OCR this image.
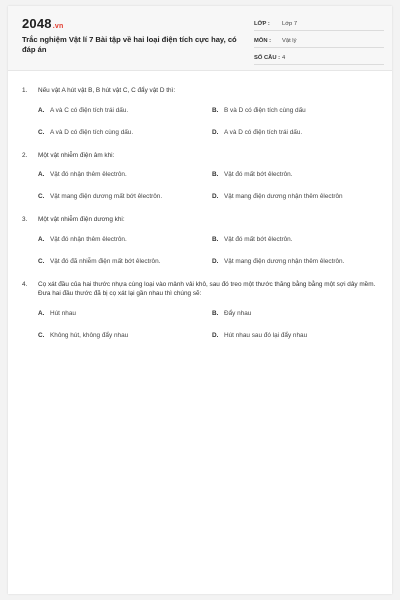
2048.vn
Trắc nghiệm Vật lí 7 Bài tập về hai loại điện tích cực hay, có đáp án
LỚP :	Lớp 7
MÔN :	Vật lý
SỐ CÂU : 4
1.	Nếu vật A hút vật B, B hút vật C, C đẩy vật D thì:
A. A và C có điện tích trái dấu.	B. B và D có điện tích cùng dấu
C. A và D có điện tích cùng dấu.	D. A và D có điện tích trái dấu.
2.	Một vật nhiễm điện âm khi:
A. Vật đó nhận thêm êlectrôn.	B. Vật đó mất bớt êlectrôn.
C. Vật mang điện dương mất bớt êlectrôn.	D. Vật mang điện dương nhận thêm êlectrôn
3.	Một vật nhiễm điện dương khi:
A. Vật đó nhận thêm êlectrôn.	B. Vật đó mất bớt êlectrôn.
C. Vật đó đã nhiễm điện mất bớt êlectrôn.	D. Vật mang điện dương nhận thêm êlectrôn.
4.	Cọ xát đầu của hai thước nhựa cùng loại vào mảnh vải khô, sau đó treo một thước thăng bằng bằng một sợi dây mềm. Đưa hai đầu thước đã bị cọ xát lại gần nhau thì chúng sẽ:
A. Hút nhau	B. Đẩy nhau
C. Không hút, không đẩy nhau	D. Hút nhau sau đó lại đẩy nhau
